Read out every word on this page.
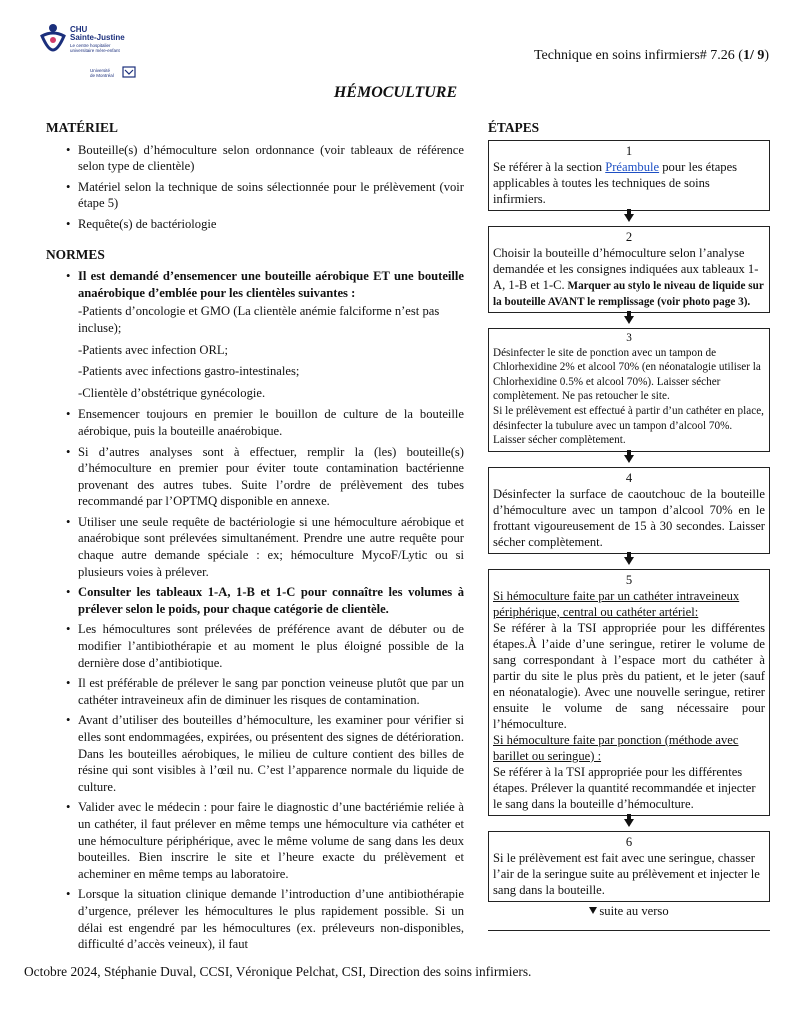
CHU
Sainte-Justine
Le centre hospitalier
universitaire mère-enfant
Université
de Montréal
Technique en soins infirmiers# 7.26 (1/ 9)
HÉMOCULTURE
MATÉRIEL
• Bouteille(s) d’hémoculture selon ordonnance (voir tableaux de référence selon type de clientèle)
• Matériel selon la technique de soins sélectionnée pour le prélèvement (voir étape 5)
• Requête(s) de bactériologie
NORMES
• Il est demandé d’ensemencer une bouteille aérobique ET une bouteille anaérobique d’emblée pour les clientèles suivantes :
-Patients d’oncologie et GMO (La clientèle anémie falciforme n’est pas incluse);
-Patients avec infection ORL;
-Patients avec infections gastro-intestinales;
-Clientèle d’obstétrique gynécologie.
• Ensemencer toujours en premier le bouillon de culture de la bouteille aérobique, puis la bouteille anaérobique.
• Si d’autres analyses sont à effectuer, remplir la (les) bouteille(s) d’hémoculture en premier pour éviter toute contamination bactérienne provenant des autres tubes. Suite l’ordre de prélèvement des tubes recommandé par l’OPTMQ disponible en annexe.
• Utiliser une seule requête de bactériologie si une hémoculture aérobique et anaérobique sont prélevées simultanément. Prendre une autre requête pour chaque autre demande spéciale : ex; hémoculture MycoF/Lytic ou si plusieurs voies à prélever.
• Consulter les tableaux 1-A, 1-B et 1-C pour connaître les volumes à prélever selon le poids, pour chaque catégorie de clientèle.
• Les hémocultures sont prélevées de préférence avant de débuter ou de modifier l’antibiothérapie et au moment le plus éloigné possible de la dernière dose d’antibiotique.
• Il est préférable de prélever le sang par ponction veineuse plutôt que par un cathéter intraveineux afin de diminuer les risques de contamination.
• Avant d’utiliser des bouteilles d’hémoculture, les examiner pour vérifier si elles sont endommagées, expirées, ou présentent des signes de détérioration. Dans les bouteilles aérobiques, le milieu de culture contient des billes de résine qui sont visibles à l’œil nu. C’est l’apparence normale du liquide de culture.
• Valider avec le médecin : pour faire le diagnostic d’une bactériémie reliée à un cathéter, il faut prélever en même temps une hémoculture via cathéter et une hémoculture périphérique, avec le même volume de sang dans les deux bouteilles. Bien inscrire le site et l’heure exacte du prélèvement et acheminer en même temps au laboratoire.
• Lorsque la situation clinique demande l’introduction d’une antibiothérapie d’urgence, prélever les hémocultures le plus rapidement possible. Si un délai est engendré par les hémocultures (ex. préleveurs non-disponibles, difficulté d’accès veineux), il faut
ÉTAPES
1
Se référer à la section Préambule pour les étapes applicables à toutes les techniques de soins infirmiers.
2
Choisir la bouteille d’hémoculture selon l’analyse demandée et les consignes indiquées aux tableaux 1-A, 1-B et 1-C. Marquer au stylo le niveau de liquide sur la bouteille AVANT le remplissage (voir photo page 3).
3
Désinfecter le site de ponction avec un tampon de Chlorhexidine 2% et alcool 70% (en néonatalogie utiliser la Chlorhexidine 0.5% et alcool 70%). Laisser sécher complètement. Ne pas retoucher le site.
Si le prélèvement est effectué à partir d’un cathéter en place, désinfecter la tubulure avec un tampon d’alcool 70%. Laisser sécher complètement.
4
Désinfecter la surface de caoutchouc de la bouteille d’hémoculture avec un tampon d’alcool 70% en le frottant vigoureusement de 15 à 30 secondes. Laisser sécher complètement.
5
Si hémoculture faite par un cathéter intraveineux périphérique, central ou cathéter artériel:
Se référer à la TSI appropriée pour les différentes étapes.À l’aide d’une seringue, retirer le volume de sang correspondant à l’espace mort du cathéter à partir du site le plus près du patient, et le jeter (sauf en néonatalogie). Avec une nouvelle seringue, retirer ensuite le volume de sang nécessaire pour l’hémoculture.
Si hémoculture faite par ponction (méthode avec barillet ou seringue) :
Se référer à la TSI appropriée pour les différentes étapes. Prélever la quantité recommandée et injecter le sang dans la bouteille d’hémoculture.
6
Si le prélèvement est fait avec une seringue, chasser l’air de la seringue suite au prélèvement et injecter le sang dans la bouteille.
suite au verso
Octobre 2024, Stéphanie Duval, CCSI, Véronique Pelchat, CSI, Direction des soins infirmiers.
